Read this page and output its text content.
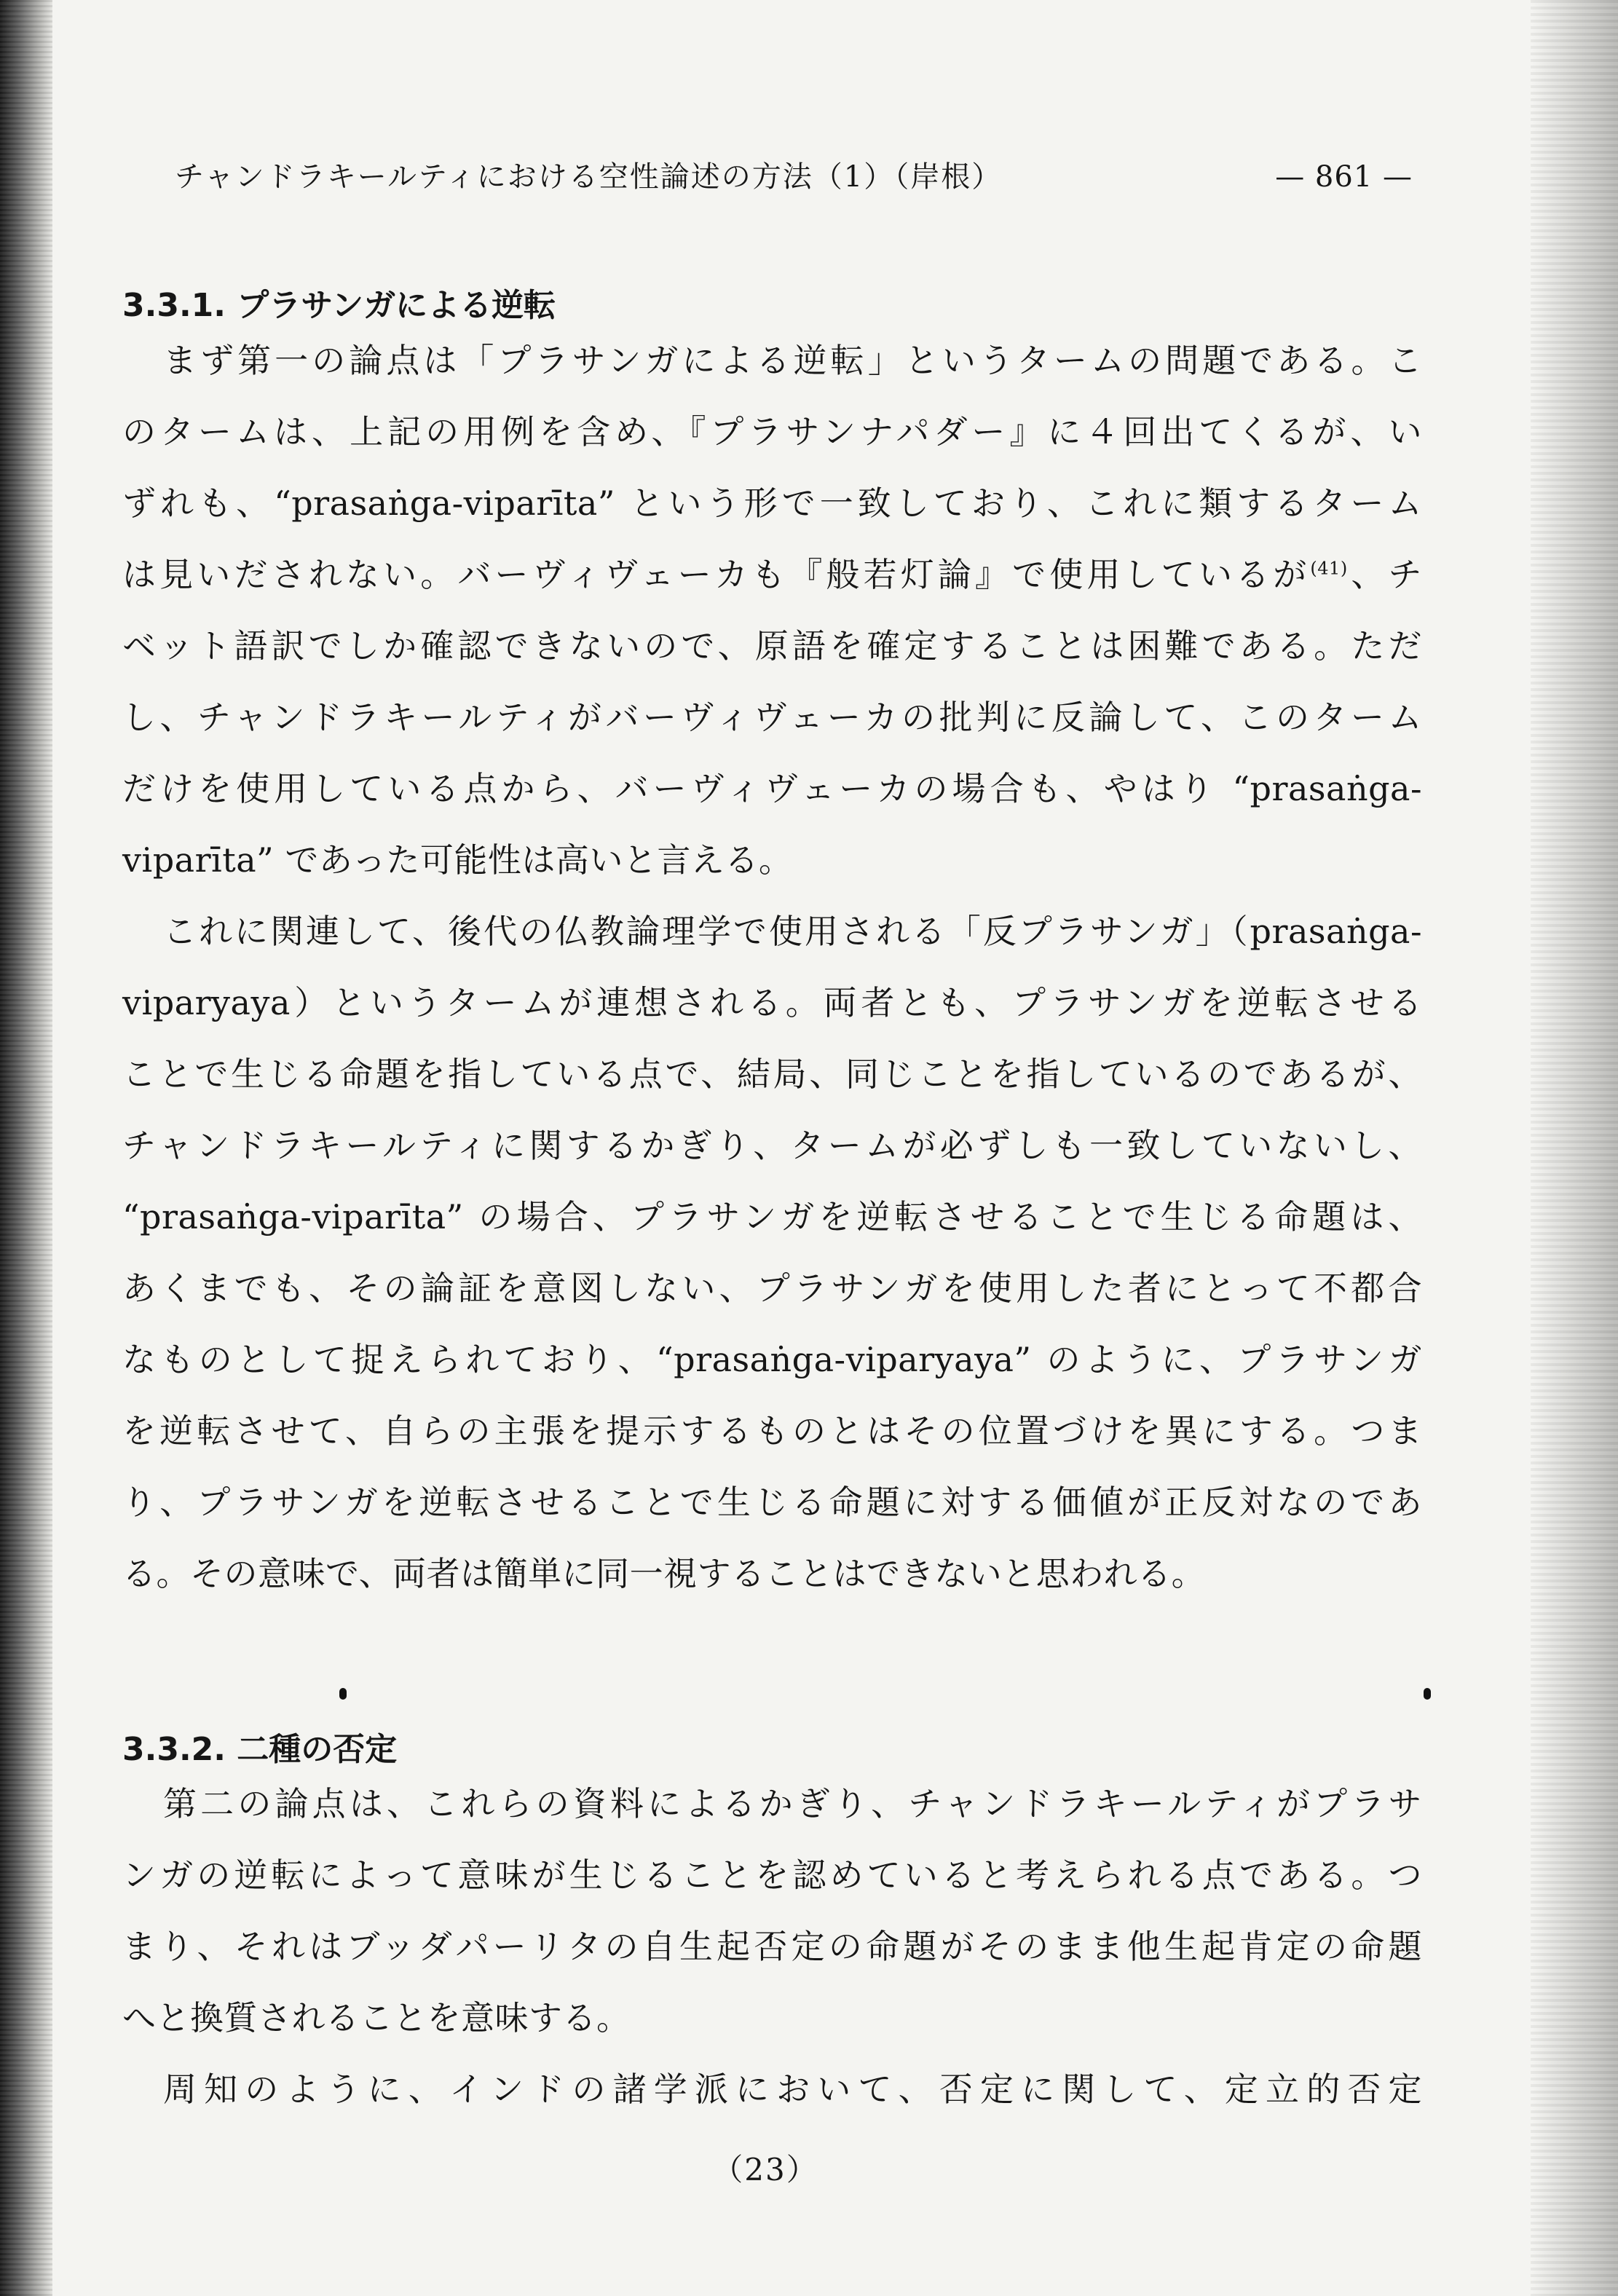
チャンドラキールティにおける空性論述の方法（1）（岸根）	— 861 —
3.3.1. プラサンガによる逆転
まず第一の論点は「プラサンガによる逆転」というタームの問題である。こ
のタームは、上記の用例を含め、『プラサンナパダー』に４回出てくるが、い
ずれも、“prasaṅga-viparīta” という形で一致しており、これに類するターム
は見いだされない。バーヴィヴェーカも『般若灯論』で使用しているが$^{(41)}$、チ
ベット語訳でしか確認できないので、原語を確定することは困難である。ただ
し、チャンドラキールティがバーヴィヴェーカの批判に反論して、このターム
だけを使用している点から、バーヴィヴェーカの場合も、やはり “prasaṅga-
viparīta” であった可能性は高いと言える。
これに関連して、後代の仏教論理学で使用される「反プラサンガ」（prasaṅga-
viparyaya）というタームが連想される。両者とも、プラサンガを逆転させる
ことで生じる命題を指している点で、結局、同じことを指しているのであるが、
チャンドラキールティに関するかぎり、タームが必ずしも一致していないし、
“prasaṅga-viparīta” の場合、プラサンガを逆転させることで生じる命題は、
あくまでも、その論証を意図しない、プラサンガを使用した者にとって不都合
なものとして捉えられており、“prasaṅga-viparyaya” のように、プラサンガ
を逆転させて、自らの主張を提示するものとはその位置づけを異にする。つま
り、プラサンガを逆転させることで生じる命題に対する価値が正反対なのであ
る。その意味で、両者は簡単に同一視することはできないと思われる。
3.3.2. 二種の否定
第二の論点は、これらの資料によるかぎり、チャンドラキールティがプラサ
ンガの逆転によって意味が生じることを認めていると考えられる点である。つ
まり、それはブッダパーリタの自生起否定の命題がそのまま他生起肯定の命題
へと換質されることを意味する。
周知のように、インドの諸学派において、否定に関して、定立的否定
（23）
